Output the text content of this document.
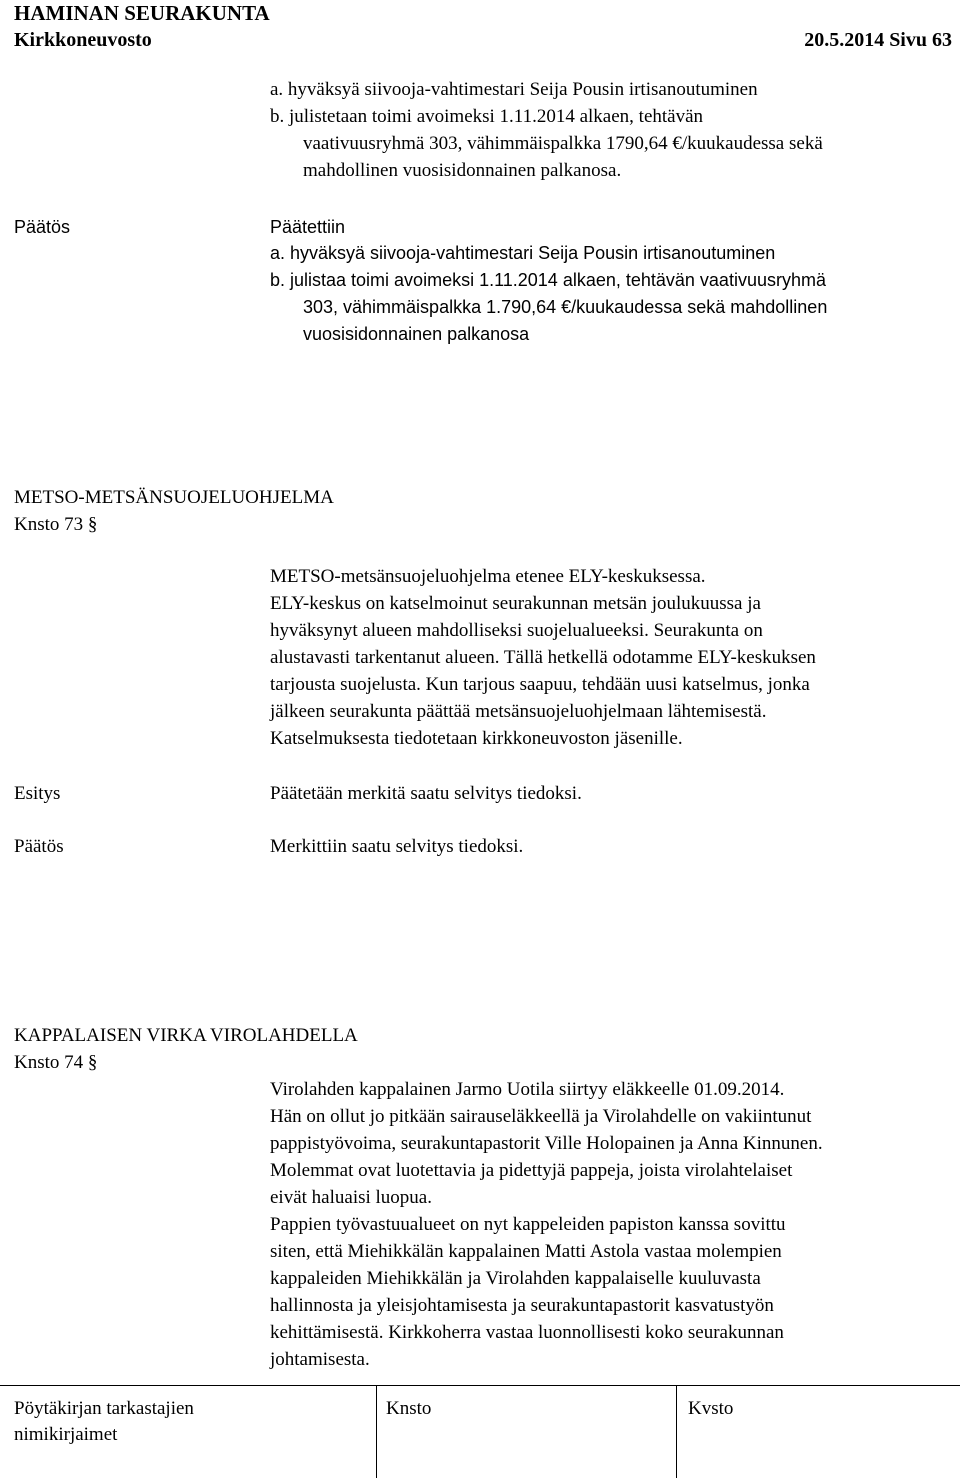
HAMINAN SEURAKUNTA
Kirkkoneuvosto	20.5.2014 Sivu 63
a. hyväksyä siivooja-vahtimestari Seija Pousin irtisanoutuminen
b. julistetaan toimi avoimeksi 1.11.2014 alkaen, tehtävän
vaativuusryhmä 303, vähimmäispalkka 1790,64 €/kuukaudessa sekä
mahdollinen vuosisidonnainen palkanosa.
Päätös	Päätettiin
a. hyväksyä siivooja-vahtimestari Seija Pousin irtisanoutuminen
b. julistaa toimi avoimeksi 1.11.2014 alkaen, tehtävän vaativuusryhmä
303, vähimmäispalkka 1.790,64 €/kuukaudessa sekä mahdollinen
vuosisidonnainen palkanosa
METSO-METSÄNSUOJELUOHJELMA
Knsto 73 §
METSO-metsänsuojeluohjelma etenee ELY-keskuksessa.
ELY-keskus on katselmoinut seurakunnan metsän joulukuussa ja
hyväksynyt alueen mahdolliseksi suojelualueeksi. Seurakunta on
alustavasti tarkentanut alueen. Tällä hetkellä odotamme ELY-keskuksen
tarjousta suojelusta. Kun tarjous saapuu, tehdään uusi katselmus, jonka
jälkeen seurakunta päättää metsänsuojeluohjelmaan lähtemisestä.
Katselmuksesta tiedotetaan kirkkoneuvoston jäsenille.
Esitys	Päätetään merkitä saatu selvitys tiedoksi.
Päätös	Merkittiin saatu selvitys tiedoksi.
KAPPALAISEN VIRKA VIROLAHDELLA
Knsto 74 §
Virolahden kappalainen Jarmo Uotila siirtyy eläkkeelle 01.09.2014.
Hän on ollut jo pitkään sairauseläkkeellä ja Virolahdelle on vakiintunut
pappistyövoima, seurakuntapastorit Ville Holopainen ja Anna Kinnunen.
Molemmat ovat luotettavia ja pidettyjä pappeja, joista virolahtelaiset
eivät haluaisi luopua.
Pappien työvastuualueet on nyt kappeleiden papiston kanssa sovittu
siten, että Miehikkälän kappalainen Matti Astola vastaa molempien
kappaleiden Miehikkälän ja Virolahden kappalaiselle kuuluvasta
hallinnosta ja yleisjohtamisesta ja seurakuntapastorit kasvatustyön
kehittämisestä. Kirkkoherra vastaa luonnollisesti koko seurakunnan
johtamisesta.
Pöytäkirjan tarkastajien
nimikirjaimet
Knsto	Kvsto
